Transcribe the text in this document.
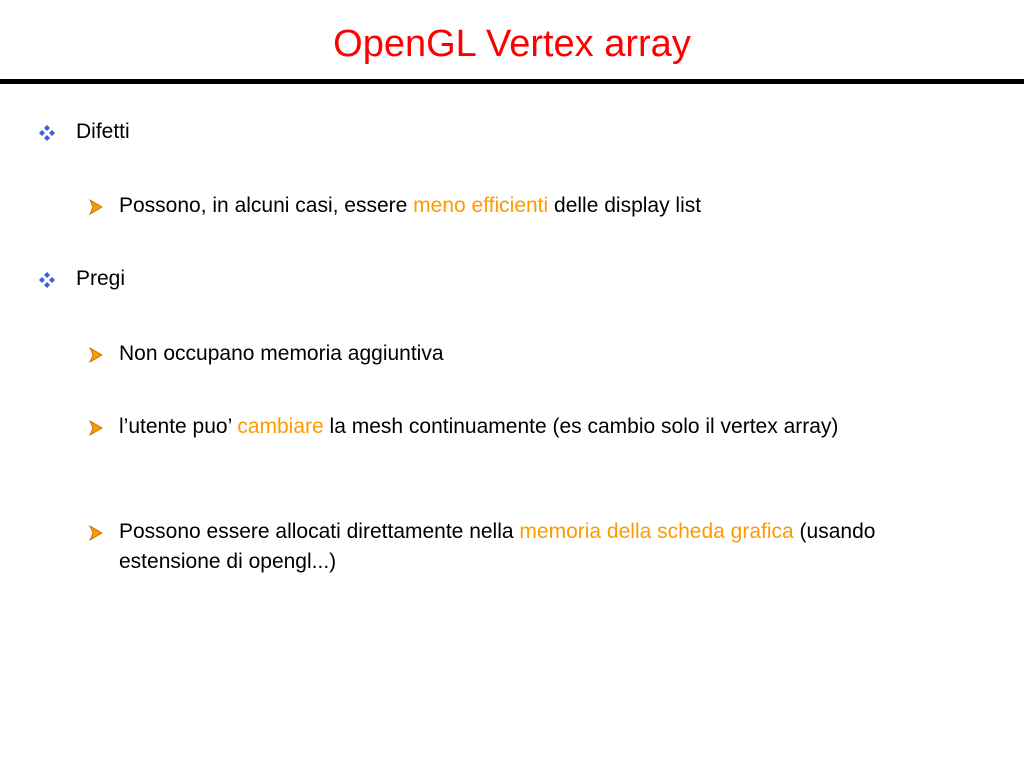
OpenGL Vertex array
Difetti
Possono, in alcuni casi, essere meno efficienti delle display list
Pregi
Non occupano memoria aggiuntiva
l’utente puo’ cambiare la mesh continuamente (es cambio solo il vertex array)
Possono essere allocati direttamente nella memoria della scheda grafica (usando estensione di opengl...)
